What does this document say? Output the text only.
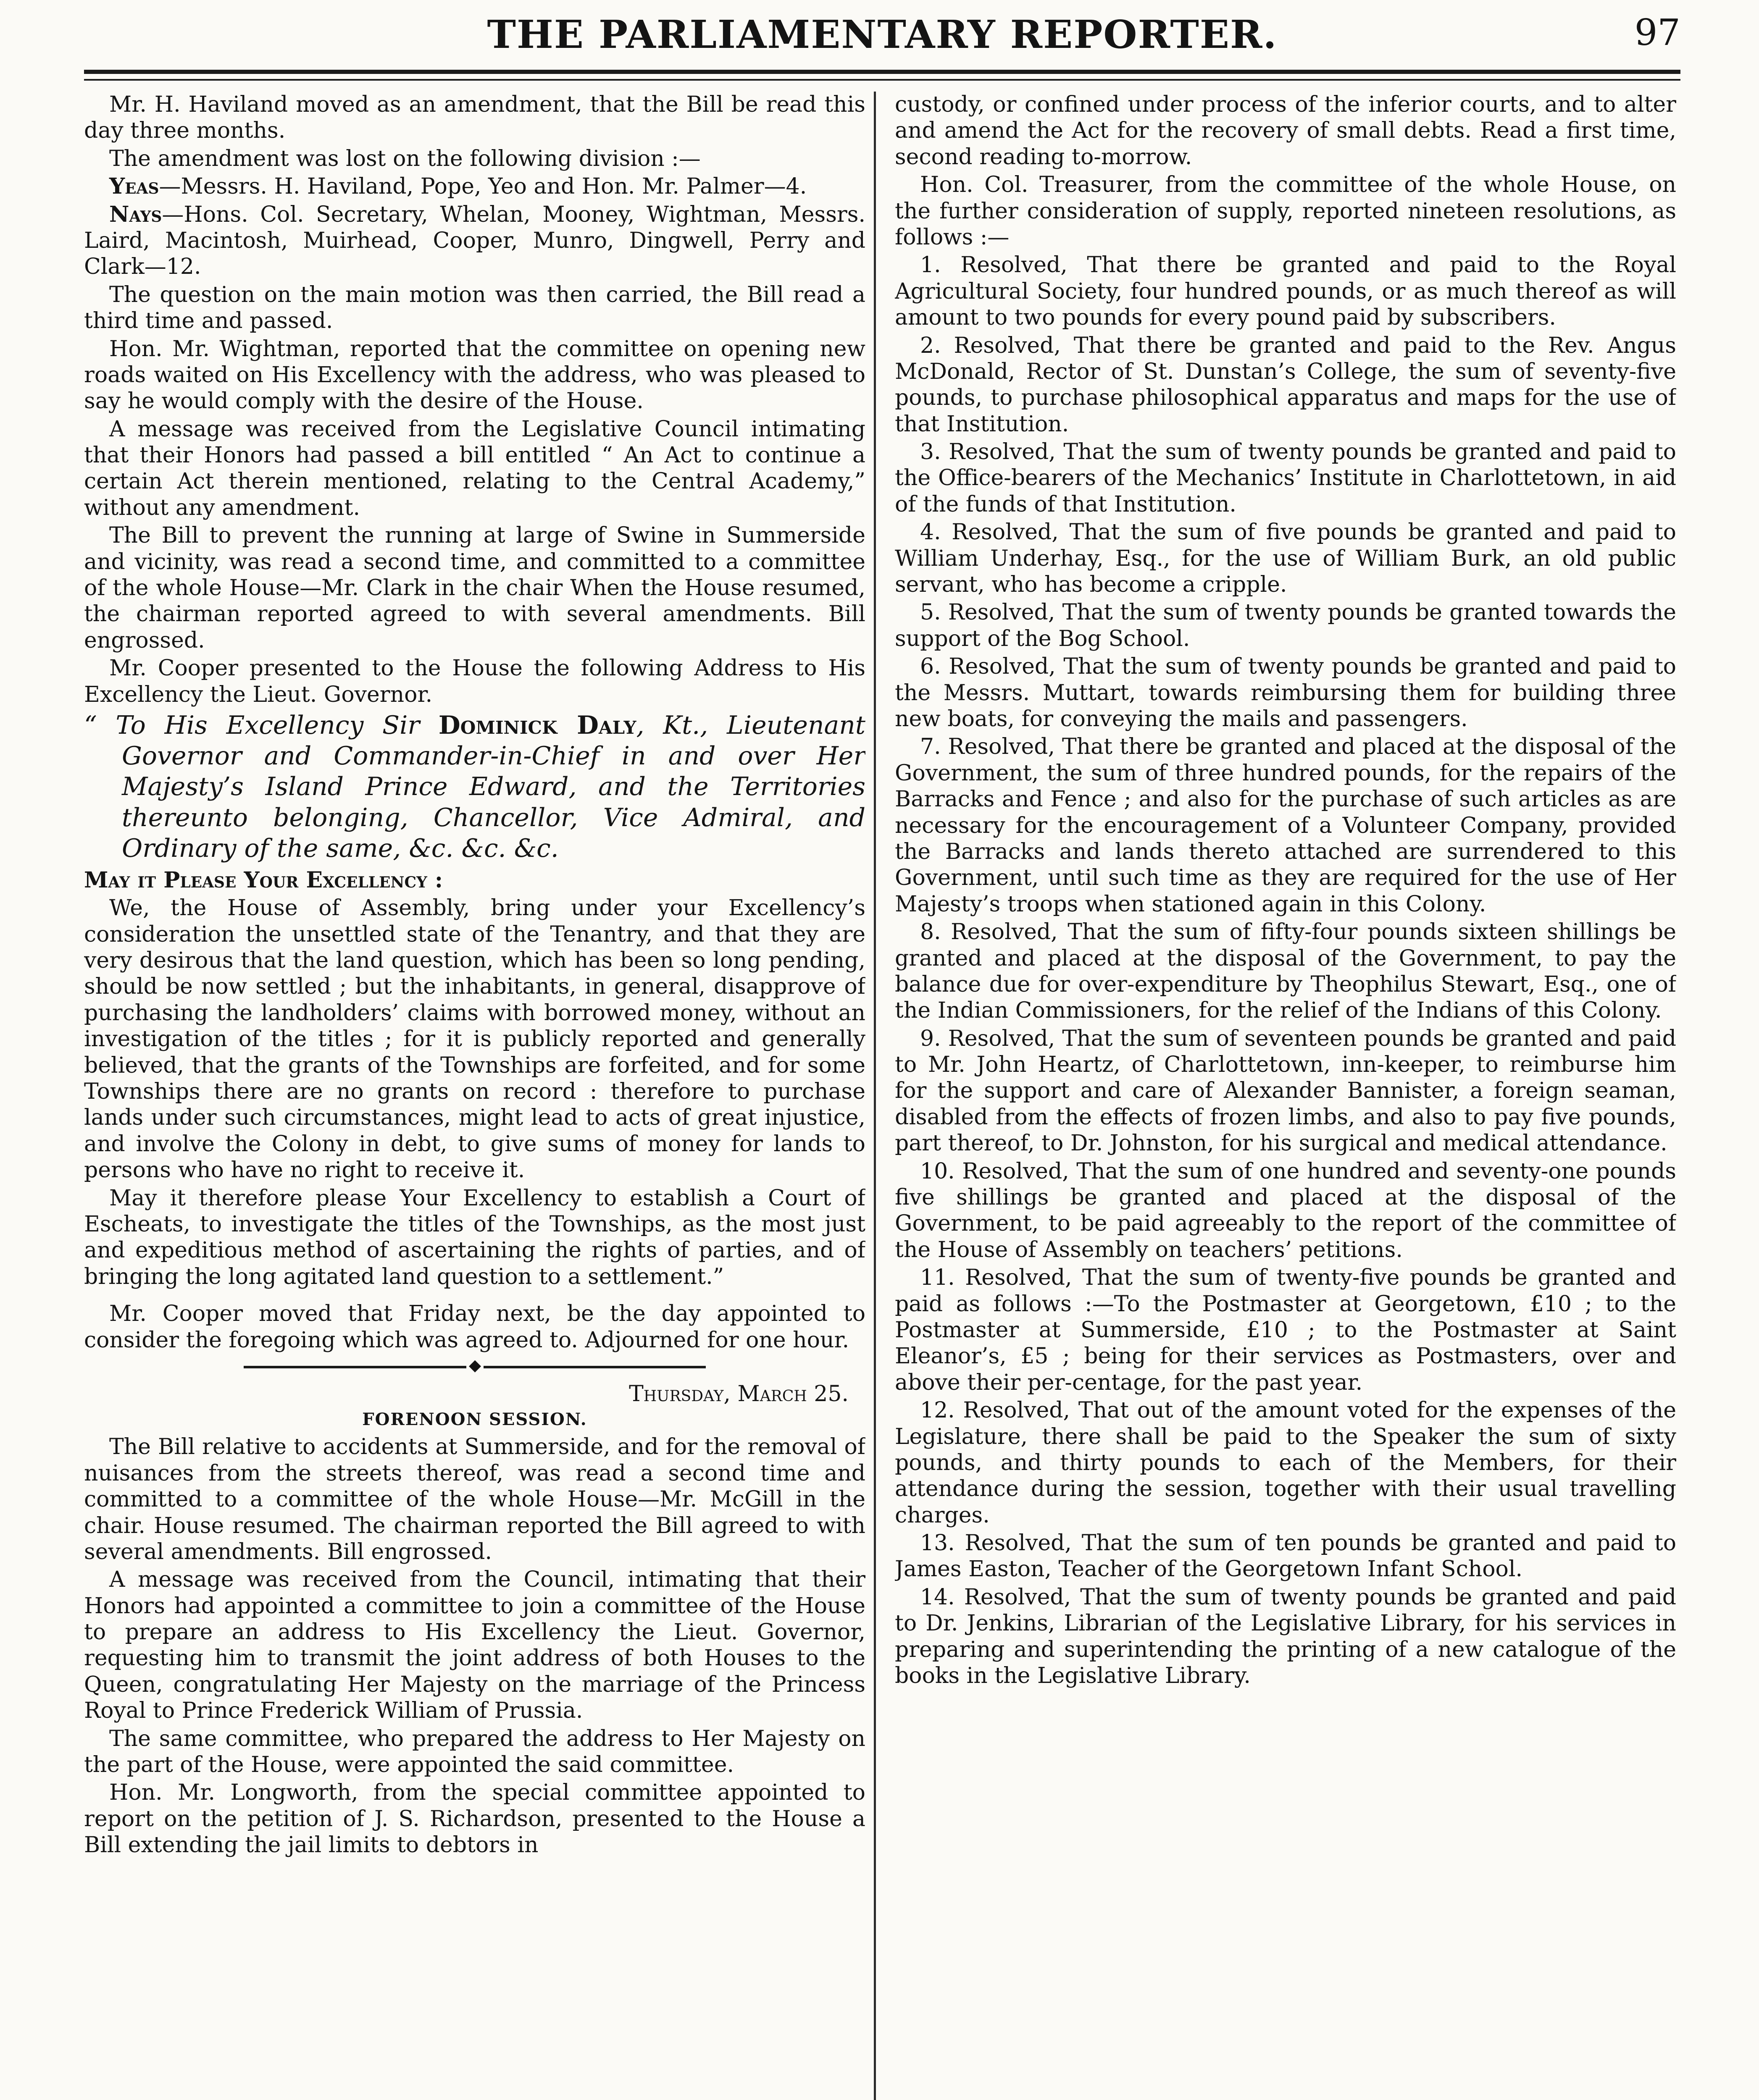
THE PARLIAMENTARY REPORTER.	97

Mr. H. Haviland moved as an amendment, that the Bill be read this day three months.

The amendment was lost on the following division :—

Yeas—Messrs. H. Haviland, Pope, Yeo and Hon. Mr. Palmer—4.

Nays—Hons. Col. Secretary, Whelan, Mooney, Wightman, Messrs. Laird, Macintosh, Muirhead, Cooper, Munro, Dingwell, Perry and Clark—12.

The question on the main motion was then carried, the Bill read a third time and passed.

Hon. Mr. Wightman, reported that the committee on opening new roads waited on His Excellency with the address, who was pleased to say he would comply with the desire of the House.

A message was received from the Legislative Council intimating that their Honors had passed a bill entitled “ An Act to continue a certain Act therein mentioned, relating to the Central Academy,” without any amendment.

The Bill to prevent the running at large of Swine in Summerside and vicinity, was read a second time, and committed to a committee of the whole House—Mr. Clark in the chair When the House resumed, the chairman reported agreed to with several amendments. Bill engrossed.

Mr. Cooper presented to the House the following Address to His Excellency the Lieut. Governor.

“ To His Excellency Sir Dominick Daly, Kt., Lieutenant Governor and Commander-in-Chief in and over Her Majesty’s Island Prince Edward, and the Territories thereunto belonging, Chancellor, Vice Admiral, and Ordinary of the same, &c. &c. &c.

May it Please Your Excellency :

We, the House of Assembly, bring under your Excellency’s consideration the unsettled state of the Tenantry, and that they are very desirous that the land question, which has been so long pending, should be now settled ; but the inhabitants, in general, disapprove of purchasing the landholders’ claims with borrowed money, without an investigation of the titles ; for it is publicly reported and generally believed, that the grants of the Townships are forfeited, and for some Townships there are no grants on record : therefore to purchase lands under such circumstances, might lead to acts of great injustice, and involve the Colony in debt, to give sums of money for lands to persons who have no right to receive it.

May it therefore please Your Excellency to establish a Court of Escheats, to investigate the titles of the Townships, as the most just and expeditious method of ascertaining the rights of parties, and of bringing the long agitated land question to a settlement.”

Mr. Cooper moved that Friday next, be the day appointed to consider the foregoing which was agreed to. Adjourned for one hour.

◆

Thursday, March 25.

FORENOON SESSION.

The Bill relative to accidents at Summerside, and for the removal of nuisances from the streets thereof, was read a second time and committed to a committee of the whole House—Mr. McGill in the chair. House resumed. The chairman reported the Bill agreed to with several amendments. Bill engrossed.

A message was received from the Council, intimating that their Honors had appointed a committee to join a committee of the House to prepare an address to His Excellency the Lieut. Governor, requesting him to transmit the joint address of both Houses to the Queen, congratulating Her Majesty on the marriage of the Princess Royal to Prince Frederick William of Prussia.

The same committee, who prepared the address to Her Majesty on the part of the House, were appointed the said committee.

Hon. Mr. Longworth, from the special committee appointed to report on the petition of J. S. Richardson, presented to the House a Bill extending the jail limits to debtors in

custody, or confined under process of the inferior courts, and to alter and amend the Act for the recovery of small debts. Read a first time, second reading to-morrow.

Hon. Col. Treasurer, from the committee of the whole House, on the further consideration of supply, reported nineteen resolutions, as follows :—

1. Resolved, That there be granted and paid to the Royal Agricultural Society, four hundred pounds, or as much thereof as will amount to two pounds for every pound paid by subscribers.

2. Resolved, That there be granted and paid to the Rev. Angus McDonald, Rector of St. Dunstan’s College, the sum of seventy-five pounds, to purchase philosophical apparatus and maps for the use of that Institution.

3. Resolved, That the sum of twenty pounds be granted and paid to the Office-bearers of the Mechanics’ Institute in Charlottetown, in aid of the funds of that Institution.

4. Resolved, That the sum of five pounds be granted and paid to William Underhay, Esq., for the use of William Burk, an old public servant, who has become a cripple.

5. Resolved, That the sum of twenty pounds be granted towards the support of the Bog School.

6. Resolved, That the sum of twenty pounds be granted and paid to the Messrs. Muttart, towards reimbursing them for building three new boats, for conveying the mails and passengers.

7. Resolved, That there be granted and placed at the disposal of the Government, the sum of three hundred pounds, for the repairs of the Barracks and Fence ; and also for the purchase of such articles as are necessary for the encouragement of a Volunteer Company, provided the Barracks and lands thereto attached are surrendered to this Government, until such time as they are required for the use of Her Majesty’s troops when stationed again in this Colony.

8. Resolved, That the sum of fifty-four pounds sixteen shillings be granted and placed at the disposal of the Government, to pay the balance due for over-expenditure by Theophilus Stewart, Esq., one of the Indian Commissioners, for the relief of the Indians of this Colony.

9. Resolved, That the sum of seventeen pounds be granted and paid to Mr. John Heartz, of Charlottetown, inn-keeper, to reimburse him for the support and care of Alexander Bannister, a foreign seaman, disabled from the effects of frozen limbs, and also to pay five pounds, part thereof, to Dr. Johnston, for his surgical and medical attendance.

10. Resolved, That the sum of one hundred and seventy-one pounds five shillings be granted and placed at the disposal of the Government, to be paid agreeably to the report of the committee of the House of Assembly on teachers’ petitions.

11. Resolved, That the sum of twenty-five pounds be granted and paid as follows :—To the Postmaster at Georgetown, £10 ; to the Postmaster at Summerside, £10 ; to the Postmaster at Saint Eleanor’s, £5 ; being for their services as Postmasters, over and above their per-centage, for the past year.

12. Resolved, That out of the amount voted for the expenses of the Legislature, there shall be paid to the Speaker the sum of sixty pounds, and thirty pounds to each of the Members, for their attendance during the session, together with their usual travelling charges.

13. Resolved, That the sum of ten pounds be granted and paid to James Easton, Teacher of the Georgetown Infant School.

14. Resolved, That the sum of twenty pounds be granted and paid to Dr. Jenkins, Librarian of the Legislative Library, for his services in preparing and superintending the printing of a new catalogue of the books in the Legislative Library.
